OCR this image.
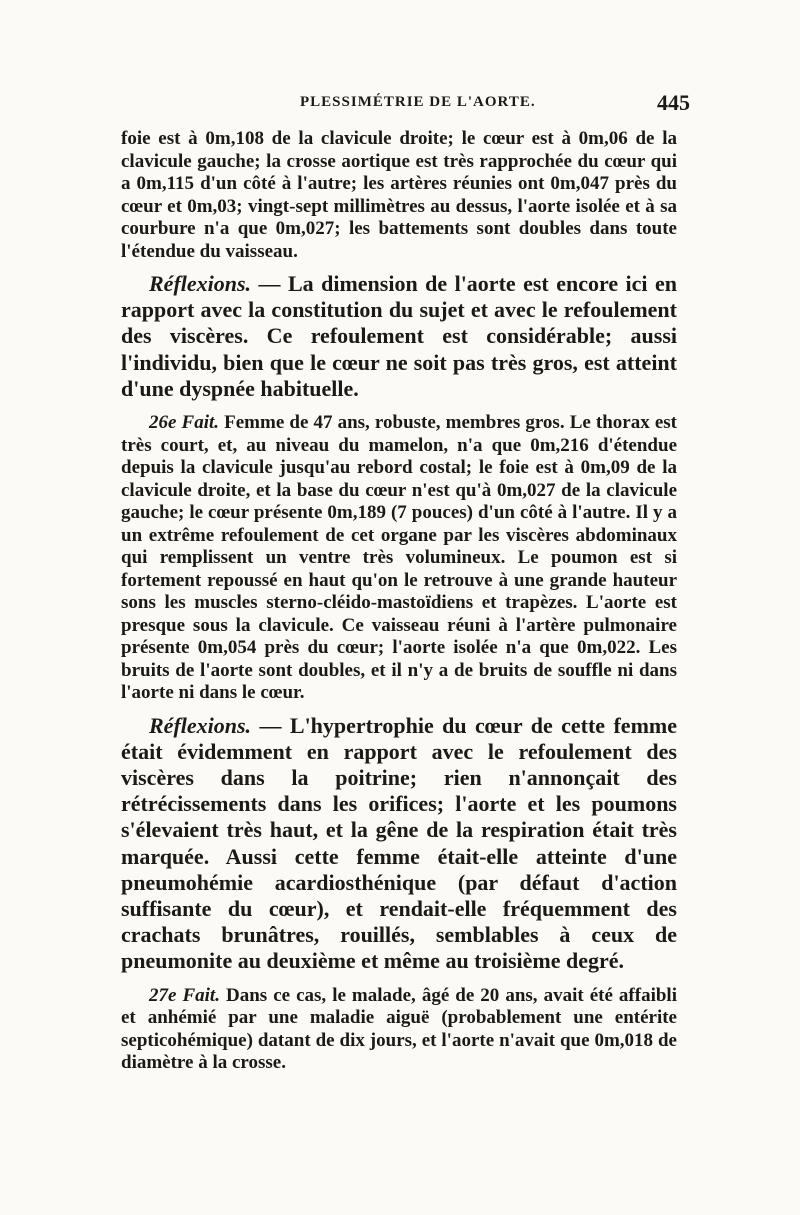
PLESSIMÉTRIE DE L'AORTE.	445

foie est à 0m,108 de la clavicule droite; le cœur est à 0m,06 de la clavicule gauche; la crosse aortique est très rapprochée du cœur qui a 0m,115 d'un côté à l'autre; les artères réunies ont 0m,047 près du cœur et 0m,03; vingt-sept millimètres au dessus, l'aorte isolée et à sa courbure n'a que 0m,027; les battements sont doubles dans toute l'étendue du vaisseau.

Réflexions. — La dimension de l'aorte est encore ici en rapport avec la constitution du sujet et avec le refoulement des viscères. Ce refoulement est considérable; aussi l'individu, bien que le cœur ne soit pas très gros, est atteint d'une dyspnée habituelle.

26e Fait. Femme de 47 ans, robuste, membres gros. Le thorax est très court, et, au niveau du mamelon, n'a que 0m,216 d'étendue depuis la clavicule jusqu'au rebord costal; le foie est à 0m,09 de la clavicule droite, et la base du cœur n'est qu'à 0m,027 de la clavicule gauche; le cœur présente 0m,189 (7 pouces) d'un côté à l'autre. Il y a un extrême refoulement de cet organe par les viscères abdominaux qui remplissent un ventre très volumineux. Le poumon est si fortement repoussé en haut qu'on le retrouve à une grande hauteur sons les muscles sterno-cléido-mastoïdiens et trapèzes. L'aorte est presque sous la clavicule. Ce vaisseau réuni à l'artère pulmonaire présente 0m,054 près du cœur; l'aorte isolée n'a que 0m,022. Les bruits de l'aorte sont doubles, et il n'y a de bruits de souffle ni dans l'aorte ni dans le cœur.

Réflexions. — L'hypertrophie du cœur de cette femme était évidemment en rapport avec le refoulement des viscères dans la poitrine; rien n'annonçait des rétrécissements dans les orifices; l'aorte et les poumons s'élevaient très haut, et la gêne de la respiration était très marquée. Aussi cette femme était-elle atteinte d'une pneumohémie acardiosthénique (par défaut d'action suffisante du cœur), et rendait-elle fréquemment des crachats brunâtres, rouillés, semblables à ceux de pneumonite au deuxième et même au troisième degré.

27e Fait. Dans ce cas, le malade, âgé de 20 ans, avait été affaibli et anhémié par une maladie aiguë (probablement une entérite septicohémique) datant de dix jours, et l'aorte n'avait que 0m,018 de diamètre à la crosse.
